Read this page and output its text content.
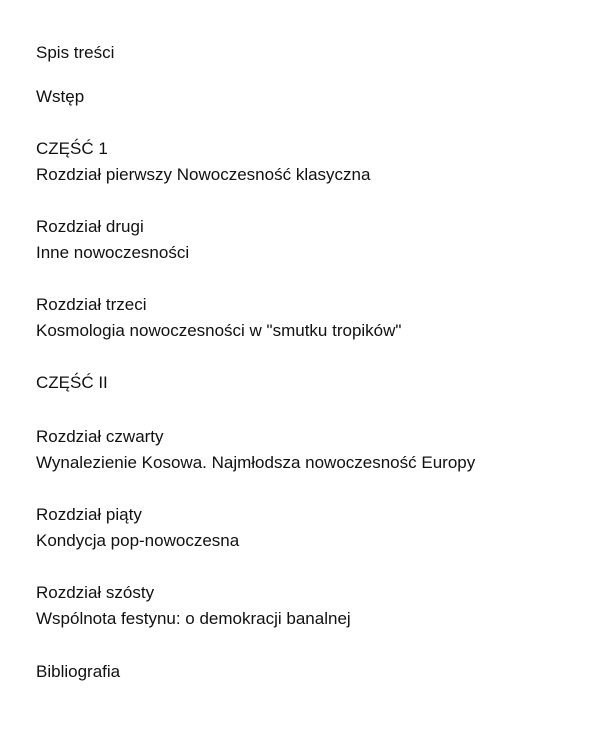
Spis treści
Wstęp
CZĘŚĆ 1
Rozdział pierwszy Nowoczesność klasyczna
Rozdział drugi
Inne nowoczesności
Rozdział trzeci
Kosmologia nowoczesności w "smutku tropików"
CZĘŚĆ II
Rozdział czwarty
Wynalezienie Kosowa. Najmłodsza nowoczesność Europy
Rozdział piąty
Kondycja pop-nowoczesna
Rozdział szósty
Wspólnota festynu: o demokracji banalnej
Bibliografia
